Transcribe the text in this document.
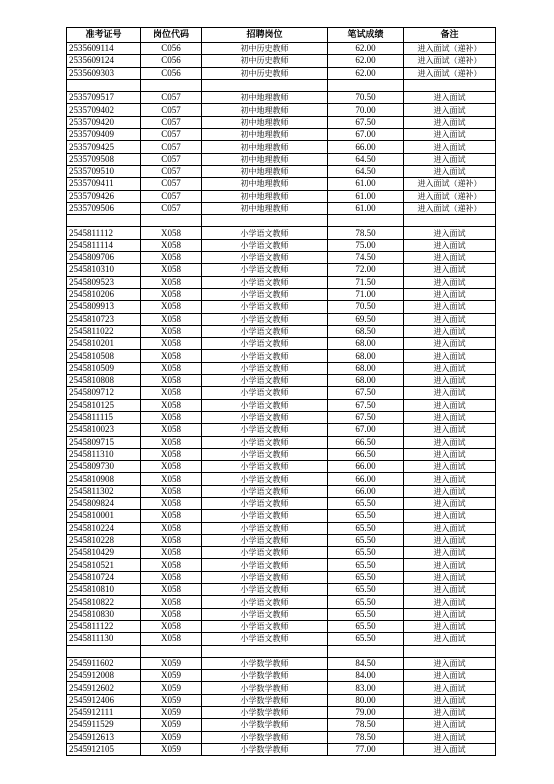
准考证号	岗位代码	招聘岗位	笔试成绩	备注
2535609114	C056	初中历史教师	62.00	进入面试（递补）
2535609124	C056	初中历史教师	62.00	进入面试（递补）
2535609303	C056	初中历史教师	62.00	进入面试（递补）

2535709517	C057	初中地理教师	70.50	进入面试
2535709402	C057	初中地理教师	70.00	进入面试
2535709420	C057	初中地理教师	67.50	进入面试
2535709409	C057	初中地理教师	67.00	进入面试
2535709425	C057	初中地理教师	66.00	进入面试
2535709508	C057	初中地理教师	64.50	进入面试
2535709510	C057	初中地理教师	64.50	进入面试
2535709411	C057	初中地理教师	61.00	进入面试（递补）
2535709426	C057	初中地理教师	61.00	进入面试（递补）
2535709506	C057	初中地理教师	61.00	进入面试（递补）

2545811112	X058	小学语文教师	78.50	进入面试
2545811114	X058	小学语文教师	75.00	进入面试
2545809706	X058	小学语文教师	74.50	进入面试
2545810310	X058	小学语文教师	72.00	进入面试
2545809523	X058	小学语文教师	71.50	进入面试
2545810206	X058	小学语文教师	71.00	进入面试
2545809913	X058	小学语文教师	70.50	进入面试
2545810723	X058	小学语文教师	69.50	进入面试
2545811022	X058	小学语文教师	68.50	进入面试
2545810201	X058	小学语文教师	68.00	进入面试
2545810508	X058	小学语文教师	68.00	进入面试
2545810509	X058	小学语文教师	68.00	进入面试
2545810808	X058	小学语文教师	68.00	进入面试
2545809712	X058	小学语文教师	67.50	进入面试
2545810125	X058	小学语文教师	67.50	进入面试
2545811115	X058	小学语文教师	67.50	进入面试
2545810023	X058	小学语文教师	67.00	进入面试
2545809715	X058	小学语文教师	66.50	进入面试
2545811310	X058	小学语文教师	66.50	进入面试
2545809730	X058	小学语文教师	66.00	进入面试
2545810908	X058	小学语文教师	66.00	进入面试
2545811302	X058	小学语文教师	66.00	进入面试
2545809824	X058	小学语文教师	65.50	进入面试
2545810001	X058	小学语文教师	65.50	进入面试
2545810224	X058	小学语文教师	65.50	进入面试
2545810228	X058	小学语文教师	65.50	进入面试
2545810429	X058	小学语文教师	65.50	进入面试
2545810521	X058	小学语文教师	65.50	进入面试
2545810724	X058	小学语文教师	65.50	进入面试
2545810810	X058	小学语文教师	65.50	进入面试
2545810822	X058	小学语文教师	65.50	进入面试
2545810830	X058	小学语文教师	65.50	进入面试
2545811122	X058	小学语文教师	65.50	进入面试
2545811130	X058	小学语文教师	65.50	进入面试

2545911602	X059	小学数学教师	84.50	进入面试
2545912008	X059	小学数学教师	84.00	进入面试
2545912602	X059	小学数学教师	83.00	进入面试
2545912406	X059	小学数学教师	80.00	进入面试
2545912111	X059	小学数学教师	79.00	进入面试
2545911529	X059	小学数学教师	78.50	进入面试
2545912613	X059	小学数学教师	78.50	进入面试
2545912105	X059	小学数学教师	77.00	进入面试
